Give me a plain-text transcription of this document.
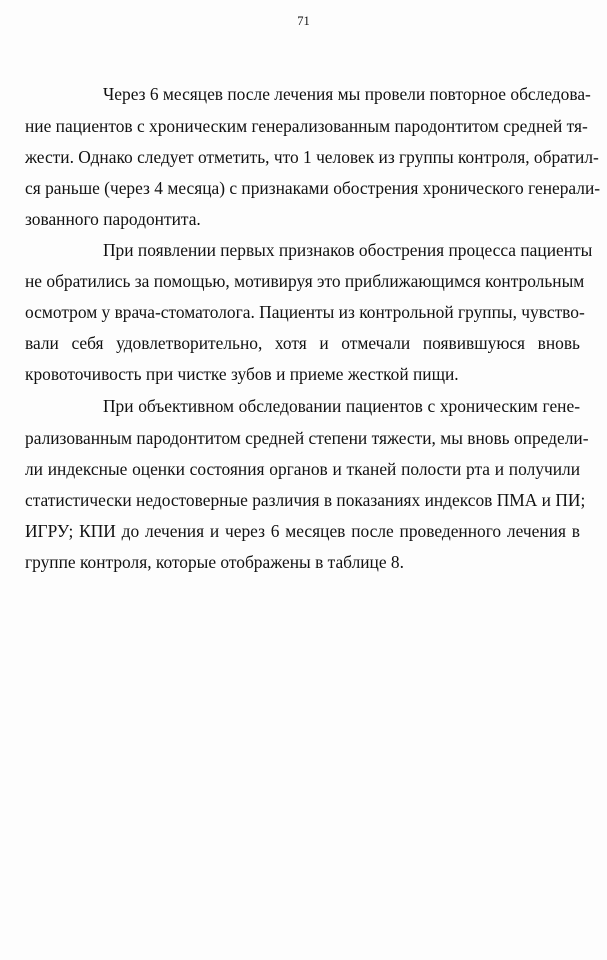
71
Через 6 месяцев после лечения мы провели повторное обследова-
ние пациентов с хроническим генерализованным пародонтитом средней тя-
жести. Однако следует отметить, что 1 человек из группы контроля, обратил-
ся раньше (через 4 месяца) с признаками обострения хронического генерали-
зованного пародонтита.
При появлении первых признаков обострения процесса пациенты
не обратились за помощью, мотивируя это приближающимся контрольным
осмотром у врача-стоматолога. Пациенты из контрольной группы, чувство-
вали себя удовлетворительно, хотя и отмечали появившуюся вновь
кровоточивость при чистке зубов и приеме жесткой пищи.
При объективном обследовании пациентов с хроническим гене-
рализованным пародонтитом средней степени тяжести, мы вновь определи-
ли индексные оценки состояния органов и тканей полости рта и получили
статистически недостоверные различия в показаниях индексов ПМА и ПИ;
ИГРУ; КПИ до лечения и через 6 месяцев после проведенного лечения в
группе контроля, которые отображены в таблице 8.
